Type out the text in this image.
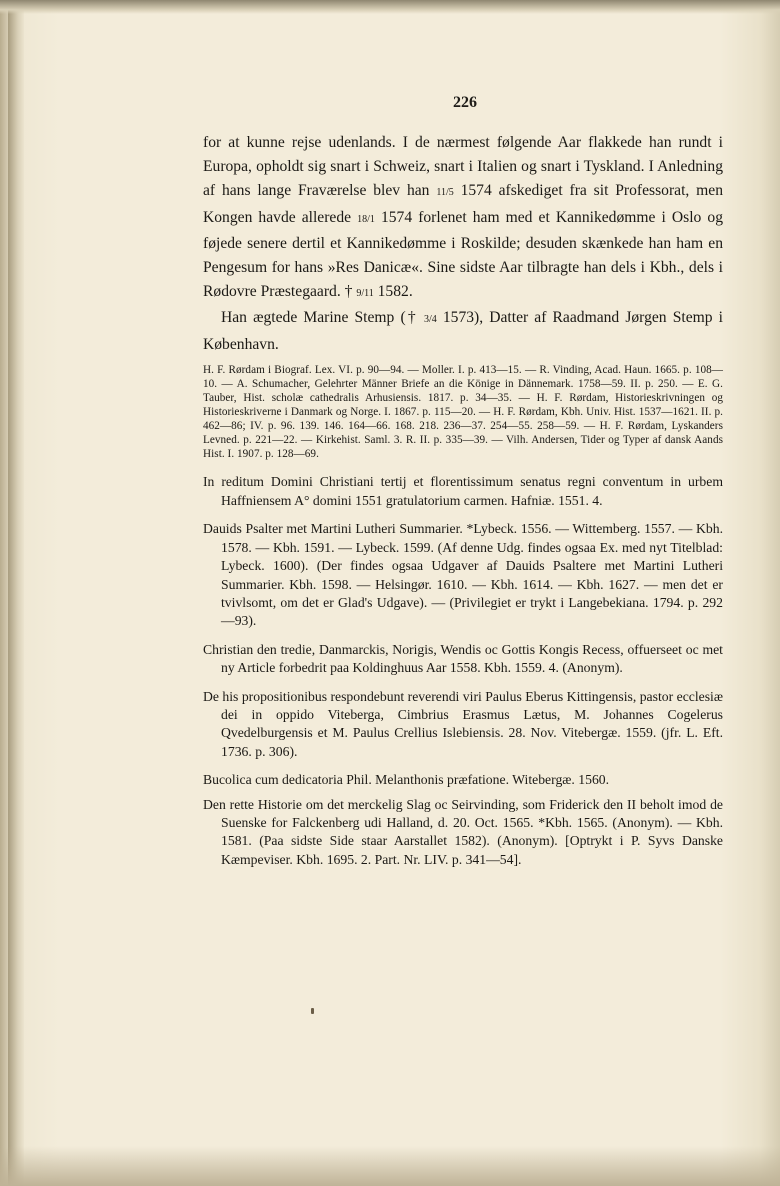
226

for at kunne rejse udenlands. I de nærmest følgende Aar flakkede han rundt i Europa, opholdt sig snart i Schweiz, snart i Italien og snart i Tyskland. I Anledning af hans lange Fraværelse blev han 11/5 1574 afskediget fra sit Professorat, men Kongen havde allerede 18/1 1574 forlenet ham med et Kannikedømme i Oslo og føjede senere dertil et Kannikedømme i Roskilde; desuden skænkede han ham en Pengesum for hans »Res Danicæ«. Sine sidste Aar tilbragte han dels i Kbh., dels i Rødovre Præstegaard. † 9/11 1582.

Han ægtede Marine Stemp († 3/4 1573), Datter af Raadmand Jørgen Stemp i København.

H. F. Rørdam i Biograf. Lex. VI. p. 90—94. — Moller. I. p. 413—15. — R. Vinding, Acad. Haun. 1665. p. 108—10. — A. Schumacher, Gelehrter Männer Briefe an die Könige in Dännemark. 1758—59. II. p. 250. — E. G. Tauber, Hist. scholæ cathedralis Arhusiensis. 1817. p. 34—35. — H. F. Rørdam, Historieskrivningen og Historieskriverne i Danmark og Norge. I. 1867. p. 115—20. — H. F. Rørdam, Kbh. Univ. Hist. 1537—1621. II. p. 462—86; IV. p. 96. 139. 146. 164—66. 168. 218. 236—37. 254—55. 258—59. — H. F. Rørdam, Lyskanders Levned. p. 221—22. — Kirkehist. Saml. 3. R. II. p. 335—39. — Vilh. Andersen, Tider og Typer af dansk Aands Hist. I. 1907. p. 128—69.

In reditum Domini Christiani tertij et florentissimum senatus regni conventum in urbem Haffniensem A° domini 1551 gratulatorium carmen. Hafniæ. 1551. 4.

Dauids Psalter met Martini Lutheri Summarier. *Lybeck. 1556. — Wittemberg. 1557. — Kbh. 1578. — Kbh. 1591. — Lybeck. 1599. (Af denne Udg. findes ogsaa Ex. med nyt Titelblad: Lybeck. 1600). (Der findes ogsaa Udgaver af Dauids Psaltere met Martini Lutheri Summarier. Kbh. 1598. — Helsingør. 1610. — Kbh. 1614. — Kbh. 1627. — men det er tvivlsomt, om det er Glad's Udgave). — (Privilegiet er trykt i Langebekiana. 1794. p. 292—93).

Christian den tredie, Danmarckis, Norigis, Wendis oc Gottis Kongis Recess, offuerseet oc met ny Article forbedrit paa Koldinghuus Aar 1558. Kbh. 1559. 4. (Anonym).

De his propositionibus respondebunt reverendi viri Paulus Eberus Kittingensis, pastor ecclesiæ dei in oppido Viteberga, Cimbrius Erasmus Lætus, M. Johannes Cogelerus Qvedelburgensis et M. Paulus Crellius Islebiensis. 28. Nov. Vitebergæ. 1559. (jfr. L. Eft. 1736. p. 306).

Bucolica cum dedicatoria Phil. Melanthonis præfatione. Witebergæ. 1560.

Den rette Historie om det merckelig Slag oc Seirvinding, som Friderick den II beholt imod de Suenske for Falckenberg udi Halland, d. 20. Oct. 1565. *Kbh. 1565. (Anonym). — Kbh. 1581. (Paa sidste Side staar Aarstallet 1582). (Anonym). [Optrykt i P. Syvs Danske Kæmpeviser. Kbh. 1695. 2. Part. Nr. LIV. p. 341—54].
